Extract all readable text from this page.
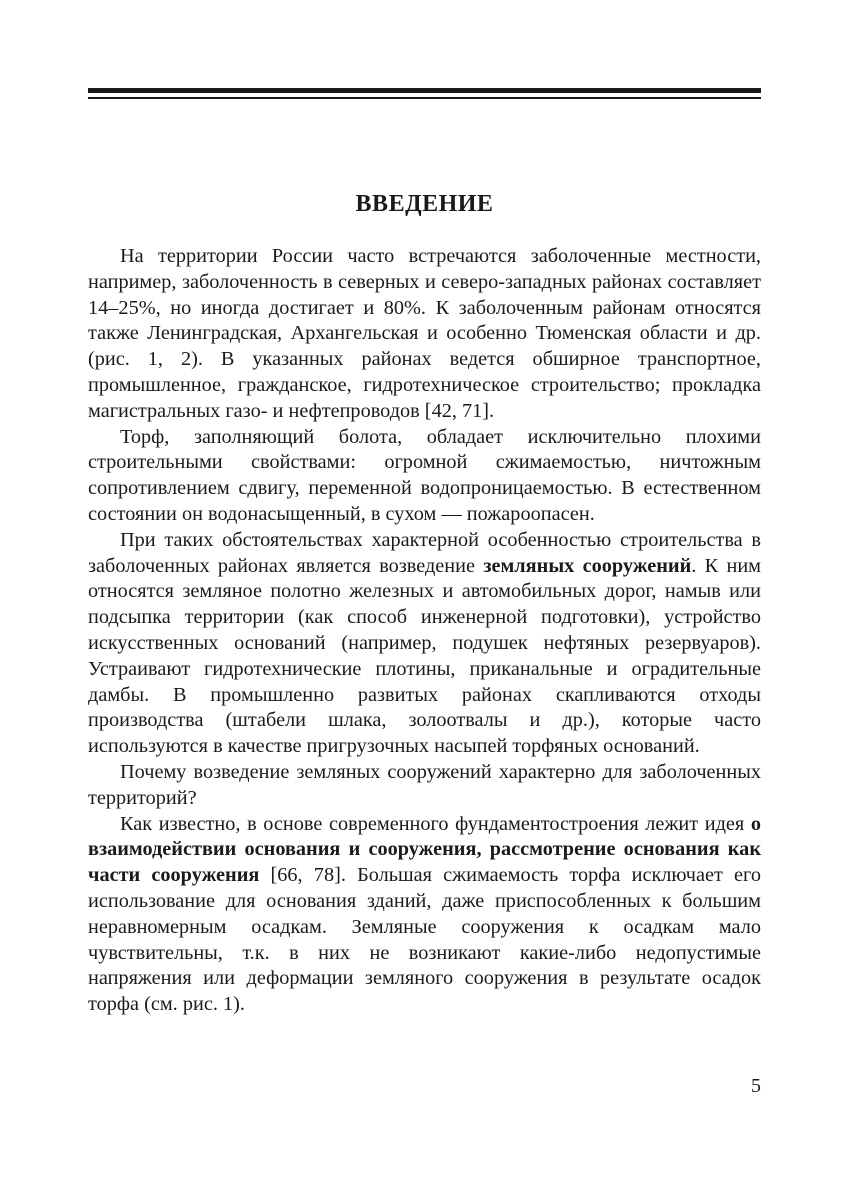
ВВЕДЕНИЕ

На территории России часто встречаются заболоченные местности, например, заболоченность в северных и северо-западных районах составляет 14–25%, но иногда достигает и 80%. К заболоченным районам относятся также Ленинградская, Архангельская и особенно Тюменская области и др. (рис. 1, 2). В указанных районах ведется обширное транспортное, промышленное, гражданское, гидротехническое строительство; прокладка магистральных газо- и нефтепроводов [42, 71].

Торф, заполняющий болота, обладает исключительно плохими строительными свойствами: огромной сжимаемостью, ничтожным сопротивлением сдвигу, переменной водопроницаемостью. В естественном состоянии он водонасыщенный, в сухом — пожароопасен.

При таких обстоятельствах характерной особенностью строительства в заболоченных районах является возведение земляных сооружений. К ним относятся земляное полотно железных и автомобильных дорог, намыв или подсыпка территории (как способ инженерной подготовки), устройство искусственных оснований (например, подушек нефтяных резервуаров). Устраивают гидротехнические плотины, приканальные и оградительные дамбы. В промышленно развитых районах скапливаются отходы производства (штабели шлака, золоотвалы и др.), которые часто используются в качестве пригрузочных насыпей торфяных оснований.

Почему возведение земляных сооружений характерно для заболоченных территорий?

Как известно, в основе современного фундаментостроения лежит идея о взаимодействии основания и сооружения, рассмотрение основания как части сооружения [66, 78]. Большая сжимаемость торфа исключает его использование для основания зданий, даже приспособленных к большим неравномерным осадкам. Земляные сооружения к осадкам мало чувствительны, т.к. в них не возникают какие-либо недопустимые напряжения или деформации земляного сооружения в результате осадок торфа (см. рис. 1).

5
